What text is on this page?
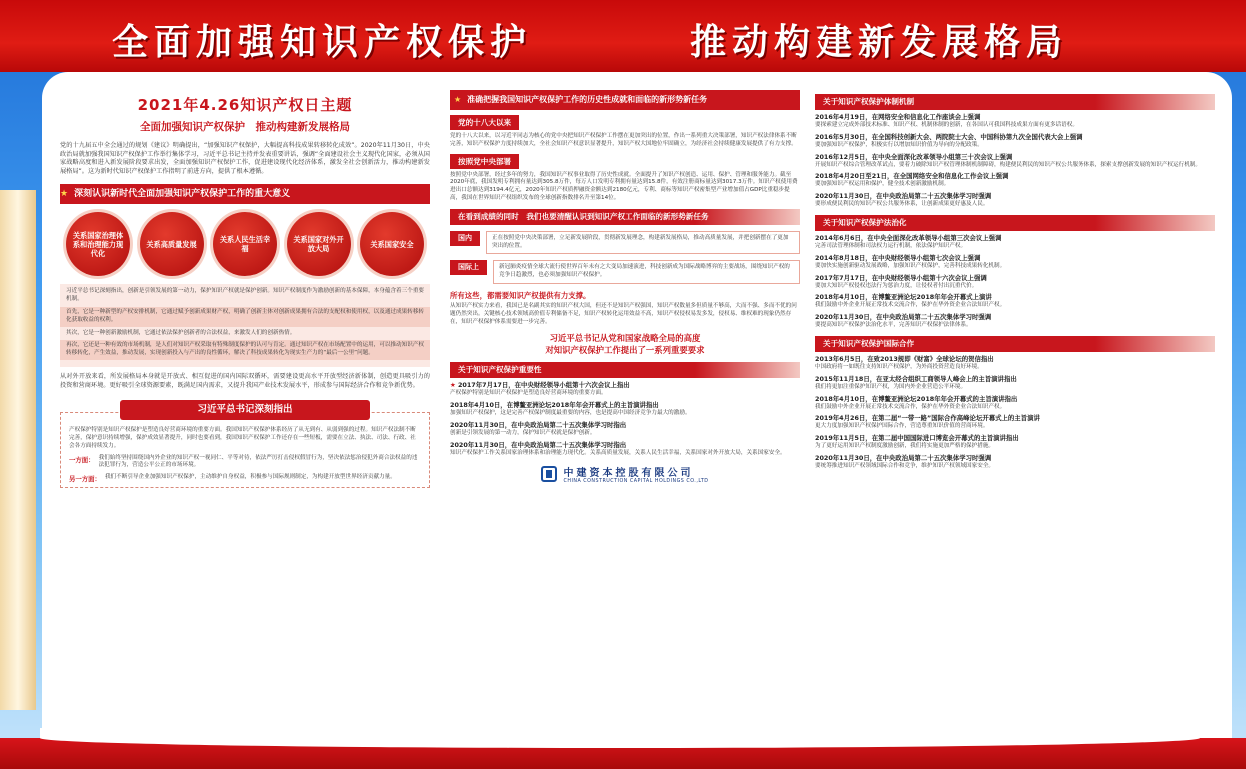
全面加强知识产权保护	推动构建新发展格局
2021年4.26知识产权日主题
全面加强知识产权保护　推动构建新发展格局

党的十九届五中全会通过的规划《建议》明确提出，“加强知识产权保护，大幅提高科技成果转移转化成效”。2020年11月30日，中央政治局就加强我国知识产权保护工作举行集体学习，习近平总书记主持并发表重要讲话，强调“全面建设社会主义现代化国家，必须从国家战略高度和进入新发展阶段要求出发，全面加强知识产权保护工作，促进建设现代化经济体系，激发全社会创新活力，推动构建新发展格局”。这为新时代知识产权保护工作指明了前进方向，提供了根本遵循。

★ 深刻认识新时代全面加强知识产权保护工作的重大意义
关系国家治理体系和治理能力现代化
关系高质量发展	关系人民生活幸福
关系国家对外开放大局	关系国家安全

习近平总书记深刻指出，创新是引领发展的第一动力，保护知识产权就是保护创新。知识产权制度作为激励创新的基本保障，本身蕴含着三个重要机制。

首先，它是一种新型的产权安排机制，它通过赋予创新成果财产权，明确了创新主体对创新成果拥有合法的支配权和使用权，以及通过成果转移转化获取收益的权利。

其次，它是一种创新激励机制，它通过依法保护创新者的合法权益，来激发人们的创新热情。

再次，它还是一种有效的市场机制，是人们对知识产权采取有特殊制度保护的认可与肯定。通过知识产权在市场配置中的运用，可以推动知识产权转移转化，产生效益，推动发展，实现创新投入与产出的良性循环，解决了科技成果转化为现实生产力的“最后一公里”问题。

从对外开放来看，所发展格局本身就是开放式、相互促进的国内国际双循环，需要建设更高水平开放型经济新体制，创造更具吸引力的投资和营商环境。更好吸引全球资源要素，既满足国内需求，又提升我国产业技术发展水平，形成参与国际经济合作和竞争新优势。

习近平总书记深刻指出

产权保护特别是知识产权保护是塑造良好营商环境的重要方面。我国知识产权保护体系经历了从无到有、从弱到强的过程。知识产权法制不断完善，保护意识持续增强，保护成效显著提升，同时也要看到，我国知识产权保护工作还存在一些短板，需要在立法、执法、司法、行政、社会各方面持续发力。

一方面： 我们始终坚持围绕国内外企业的知识产权一视同仁、平等对待，依法严厉打击侵权假冒行为，坚决依法惩治侵犯外商合法权益的违法犯罪行为，营造公平公正的市场环境。
另一方面： 我们不断引导企业加强知识产权保护，主动维护自身权益，积极参与国际规则制定，为构建开放型世界经济贡献力量。
★ 准确把握我国知识产权保护工作的历史性成就和面临的新形势新任务
党的十八大以来

党的十八大以来，以习近平同志为核心的党中央把知识产权保护工作摆在更加突出的位置，作出一系列重大决策部署，知识产权法律体系不断完善，知识产权保护力度持续加大，全社会知识产权意识显著提升，知识产权大国地位牢固确立，为经济社会持续健康发展提供了有力支撑。

按照党中央部署

按照党中央部署，经过多年的努力，我国知识产权事业取得了历史性成就。全面提升了知识产权创造、运用、保护、管理和服务能力。截至2020年底，我国发明专利拥有量达到305.8万件，每万人口发明专利拥有量达到15.8件，有效注册商标量达到3017.3万件。知识产权使用费进出口总额达到3194.4亿元，2020年知识产权质押融资金额达到2180亿元，专利、商标等知识产权密集型产业增加值占GDP比重稳步提高，我国在世界知识产权组织发布的全球创新指数排名升至第14位。

在看到成绩的同时　我们也要清醒认识到知识产权工作面临的新形势新任务
国内	正在按照党中央决策部署，立足新发展阶段，贯彻新发展理念，构建新发展格局，推动高质量发展，并把创新摆在了更加突出的位置。
国际上	新冠肺炎疫情全球大流行使世界百年未有之大变局加速演进，科技创新成为国际战略博弈的主要战场，围绕知识产权的竞争日趋激烈，也必须加强知识产权保护。

所有这些，都需要知识产权提供有力支撑。

从知识产权实力来看，我国已是名副其实的知识产权大国，但还不是知识产权强国，知识产权数量多但质量不够高，大而不强、多而不优的问题仍然突出。关键核心技术领域高价值专利储备不足，知识产权转化运用效益不高，知识产权侵权易发多发，侵权易、维权难的现象仍然存在，知识产权保护体系需要进一步完善。

习近平总书记从党和国家战略全局的高度
对知识产权保护工作提出了一系列重要要求
关于知识产权保护重要性
★ 2017年7月17日，在中央财经领导小组第十六次会议上指出

产权保护特别是知识产权保护是塑造良好营商环境的重要方面。

2018年4月10日，在博鳌亚洲论坛2018年年会开幕式上的主旨演讲指出

加强知识产权保护，这是完善产权保护制度最重要的内容，也是提高中国经济竞争力最大的激励。

2020年11月30日，在中央政治局第二十五次集体学习时指出

创新是引领发展的第一动力，保护知识产权就是保护创新。

2020年11月30日，在中央政治局第二十五次集体学习时指出

知识产权保护工作关系国家治理体系和治理能力现代化。关系高质量发展，关系人民生活幸福，关系国家对外开放大局，关系国家安全。

中建资本控股有限公司
CHINA CONSTRUCTION CAPITAL HOLDINGS CO.,LTD
关于知识产权保护体制机制
2016年4月19日，在网络安全和信息化工作座谈会上强调

要探索建立完成外部技术标准、知识产权、机制体制的创新，在各国认可我国科技成果方面有更多话语权。

2016年5月30日，在全国科技创新大会、两院院士大会、中国科协第九次全国代表大会上强调

要加强知识产权保护，积极实行以增加知识价值为导向的分配政策。

2016年12月5日，在中央全面深化改革领导小组第三十次会议上强调

开展知识产权综合管理改革试点，要着力破除知识产权管理体制机制障碍，构建便民利民的知识产权公共服务体系，探索支撑创新发展的知识产权运行机制。

2018年4月20日至21日，在全国网络安全和信息化工作会议上强调

要加强知识产权运用和保护，健全技术创新激励机制。

2020年11月30日，在中央政治局第二十五次集体学习时强调

要形成便民利民的知识产权公共服务体系，让创新成果更好惠及人民。

关于知识产权保护法治化
2014年6月6日，在中央全面深化改革领导小组第三次会议上强调

完善司法管理体制和司法权力运行机制，依法保护知识产权。

2014年8月18日，在中央财经领导小组第七次会议上强调

要加快实施创新驱动发展战略，加强知识产权保护，完善科技成果转化机制。

2017年7月17日，在中央财经领导小组第十六次会议上强调

要加大知识产权侵权违法行为惩治力度，让侵权者付出沉重代价。

2018年4月10日，在博鳌亚洲论坛2018年年会开幕式上演讲

我们鼓励中外企业开展正常技术交流合作，保护在华外资企业合法知识产权。

2020年11月30日，在中央政治局第二十五次集体学习时强调

要提高知识产权保护法治化水平，完善知识产权保护法律体系。

关于知识产权保护国际合作
2013年6月5日，在致2013规即《财富》全球论坛的贺信指出

中国政府将一如既往支持知识产权保护，为外商投资营造良好环境。

2015年11月18日，在亚太经合组织工商领导人峰会上的主旨演讲指出

我们将更加注重保护知识产权，为国内外企业营造公平环境。

2018年4月10日，在博鳌亚洲论坛2018年年会开幕式的主旨演讲指出

我们鼓励中外企业开展正常技术交流合作，保护在华外资企业合法知识产权。

2019年4月26日，在第二届“一带一路”国际合作高峰论坛开幕式上的主旨演讲

更大力度加强知识产权保护国际合作，营造尊重知识价值的营商环境。

2019年11月5日，在第二届中国国际进口博览会开幕式的主旨演讲指出

为了更好运用知识产权制度激励创新，我们将实施更加严格的保护措施。

2020年11月30日，在中央政治局第二十五次集体学习时强调

要统筹推进知识产权领域国际合作和竞争，维护知识产权领域国家安全。
